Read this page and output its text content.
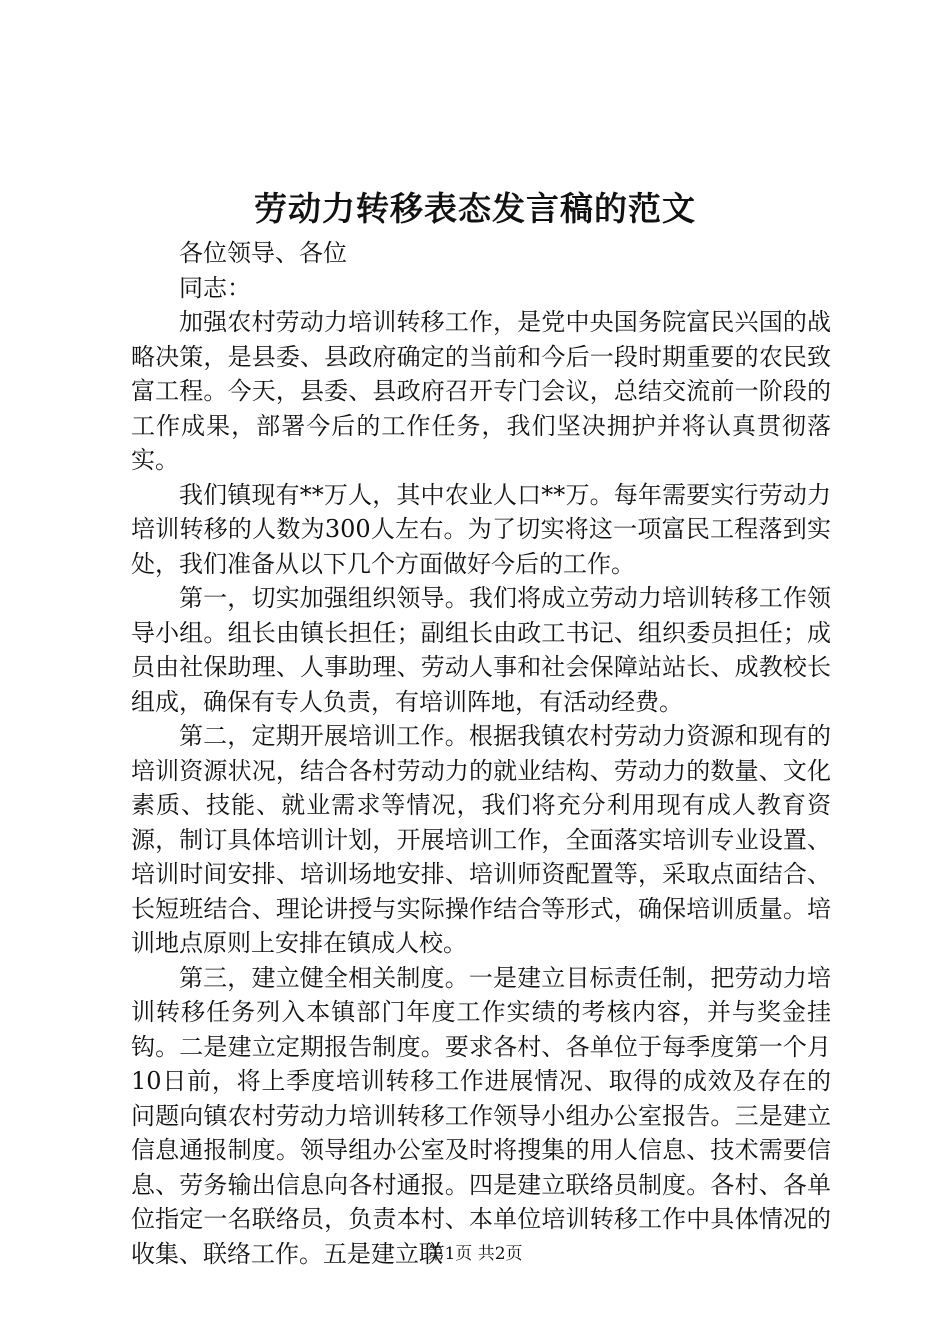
劳动力转移表态发言稿的范文

各位领导、各位

同志：

加强农村劳动力培训转移工作，是党中央国务院富民兴国的战略决策，是县委、县政府确定的当前和今后一段时期重要的农民致富工程。今天，县委、县政府召开专门会议，总结交流前一阶段的工作成果，部署今后的工作任务，我们坚决拥护并将认真贯彻落实。

我们镇现有**万人，其中农业人口**万。每年需要实行劳动力培训转移的人数为300人左右。为了切实将这一项富民工程落到实处，我们准备从以下几个方面做好今后的工作。

第一，切实加强组织领导。我们将成立劳动力培训转移工作领导小组。组长由镇长担任；副组长由政工书记、组织委员担任；成员由社保助理、人事助理、劳动人事和社会保障站站长、成教校长组成，确保有专人负责，有培训阵地，有活动经费。

第二，定期开展培训工作。根据我镇农村劳动力资源和现有的培训资源状况，结合各村劳动力的就业结构、劳动力的数量、文化素质、技能、就业需求等情况，我们将充分利用现有成人教育资源，制订具体培训计划，开展培训工作，全面落实培训专业设置、培训时间安排、培训场地安排、培训师资配置等，采取点面结合、长短班结合、理论讲授与实际操作结合等形式，确保培训质量。培训地点原则上安排在镇成人校。

第三，建立健全相关制度。一是建立目标责任制，把劳动力培训转移任务列入本镇部门年度工作实绩的考核内容，并与奖金挂钩。二是建立定期报告制度。要求各村、各单位于每季度第一个月10日前，将上季度培训转移工作进展情况、取得的成效及存在的问题向镇农村劳动力培训转移工作领导小组办公室报告。三是建立信息通报制度。领导组办公室及时将搜集的用人信息、技术需要信息、劳务输出信息向各村通报。四是建立联络员制度。各村、各单位指定一名联络员，负责本村、本单位培训转移工作中具体情况的收集、联络工作。五是建立联

第1页 共2页
